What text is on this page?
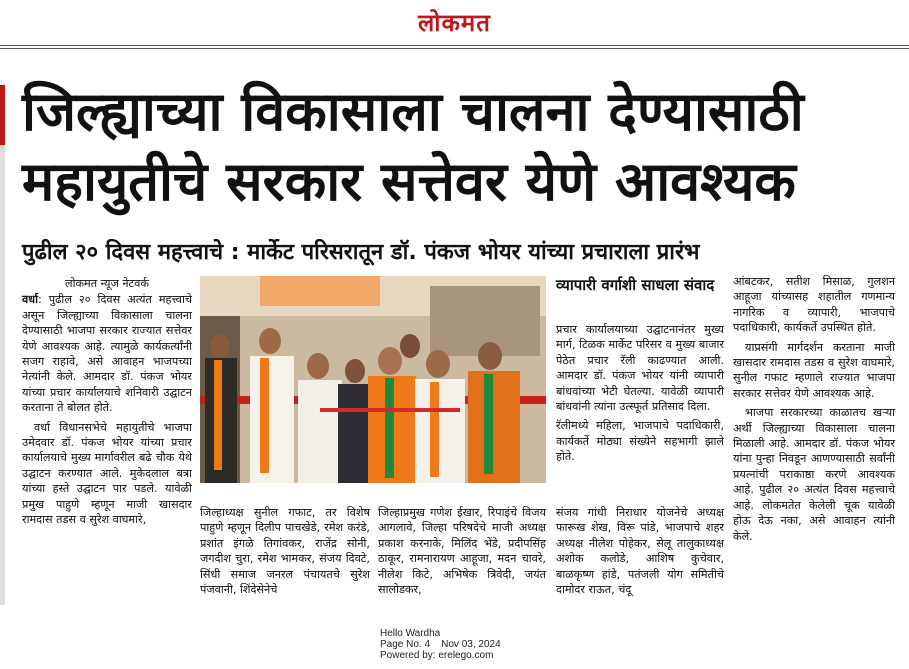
लोकमत
जिल्ह्याच्या विकासाला चालना देण्यासाठी
महायुतीचे सरकार सत्तेवर येणे आवश्यक
पुढील २० दिवस महत्त्वाचे : मार्केट परिसरातून डॉ. पंकज भोयर यांच्या प्रचाराला प्रारंभ
लोकमत न्यूज नेटवर्क

वर्धा: पुढील २० दिवस अत्यंत महत्त्वाचे असून जिल्ह्याच्या विकासाला चालना देण्यासाठी भाजपा सरकार राज्यात सत्तेवर येणे आवश्यक आहे. त्यामुळे कार्यकर्त्यांनी सजग राहावे, असे आवाहन भाजपच्या नेत्यांनी केले. आमदार डॉ. पंकज भोयर यांच्या प्रचार कार्यालयाचे शनिवारी उद्घाटन करताना ते बोलत होते.

वर्धा विधानसभेचे महायुतीचे भाजपा उमेदवार डॉ. पंकज भोयर यांच्या प्रचार कार्यालयाचे मुख्य मार्गावरील बढे चौक येथे उद्घाटन करण्यात आले. मुकेदलाल बत्रा यांच्या हस्ते उद्घाटन पार पडले. यावेळी प्रमुख पाहुणे म्हणून माजी खासदार रामदास तडस व सुरेश वाघमारे,

जिल्हाध्यक्ष सुनील गफाट, तर विशेष पाहुणे म्हणून दिलीप पाचखेडे, रमेश करंडे, प्रशांत इंगळे तिगांवकर, राजेंद्र सोनी, जगदीश चुरा, रमेश भामकर, संजय दिवटे, सिंधी समाज जनरल पंचायतचे सुरेश पंजवानी, शिंदेसेनेचे
जिल्हाप्रमुख गणेश ईखार, रिपाइंचे विजय आगलावे, जिल्हा परिषदेचे माजी अध्यक्ष प्रकाश करनाके, मिलिंद भेंडे, प्रदीपसिंह ठाकूर, रामनारायण आहूजा, मदन चावरे, नीलेश किटे, अभिषेक त्रिवेदी, जयंत सालोडकर,
व्यापारी वर्गाशी साधला संवाद

प्रचार कार्यालयाच्या उद्घाटनानंतर मुख्य मार्ग, टिळक मार्केट परिसर व मुख्य बाजार पेठेत प्रचार रॅली काढण्यात आली. आमदार डॉ. पंकज भोयर यांनी व्यापारी बांधवांच्या भेटी घेतल्या. यावेळी व्यापारी बांधवांनी त्यांना उत्स्फूर्त प्रतिसाद दिला.

रॅलीमध्ये महिला, भाजपाचे पदाधिकारी, कार्यकर्ते मोठ्या संख्येने सहभागी झाले होते.

संजय गांधी निराधार योजनेचे अध्यक्ष फारूख शेख, विरू पांडे, भाजपाचे शहर अध्यक्ष नीलेश पोहेकर, सेलू तालुकाध्यक्ष अशोक कलोडे, आशिष कुचेवार, बाळकृष्ण हांडे, पतंजली योग समितीचे दामोदर राऊत, चंदू

आंबटकर, सतीश मिसाळ, गुलशन आहूजा यांच्यासह शहातील गणमान्य नागरिक व व्यापारी, भाजपाचे पदाधिकारी, कार्यकर्ते उपस्थित होते.

याप्रसंगी मार्गदर्शन करताना माजी खासदार रामदास तडस व सुरेश वाघमारे, सुनील गफाट म्हणाले राज्यात भाजपा सरकार सत्तेवर येणे आवश्यक आहे.

भाजपा सरकारच्या काळातच खऱ्या अर्थी जिल्ह्याच्या विकासाला चालना मिळाली आहे. आमदार डॉ. पंकज भोयर यांना पुन्हा निवडून आणण्यासाठी सर्वांनी प्रयत्नांची पराकाष्ठा करणे आवश्यक आहे. पुढील २० अत्यंत दिवस महत्त्वाचे आहे. लोकमतेत केलेली चूक यावेळी होऊ देऊ नका, असे आवाहन त्यांनी केले.

Hello Wardha
Page No. 4    Nov 03, 2024
Powered by: erelego.com
